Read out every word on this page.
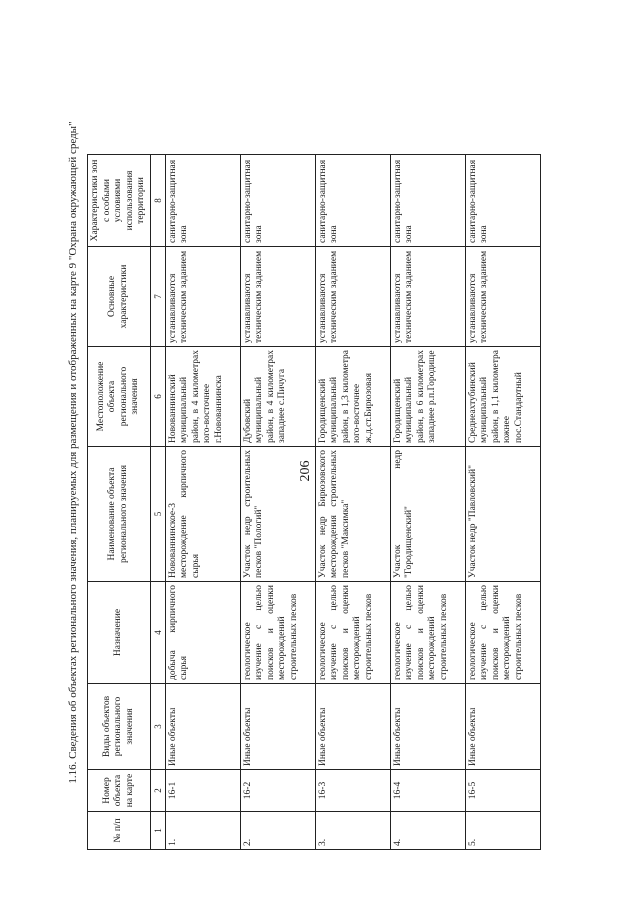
206
1.16. Сведения об объектах регионального значения, планируемых для размещения и отображенных на карте 9 "Охрана окружающей среды"
№ п/п	Номер объекта на карте	Виды объектов регионального значения	Назначение	Наименование объекта регионального значения	Местоположение объекта регионального значения	Основные характеристики	Характеристики зон с особыми условиями использования территории
1	2	3	4	5	6	7	8
1.	16-1	Иные объекты	добыча кирпичного сырья	Новованнинское-3 месторождение кирпичного сырья	Новованнинский муниципальный район, в 4 километрах юго-восточнее г.Новованнинска	устанавливаются техническим заданием	санитарно-защитная зона
2.	16-2	Иные объекты	геологическое изучение с целью поисков и оценки месторождений строительных песков	Участок недр строительных песков "Пологий"	Дубовский муниципальный район, в 4 километрах западнее с.Пичуга	устанавливаются техническим заданием	санитарно-защитная зона
3.	16-3	Иные объекты	геологическое изучение с целью поисков и оценки месторождений строительных песков	Участок недр Бирюзовского месторождения строительных песков "Максимка"	Городищенский муниципальный район, в 1,3 километра юго-восточнее ж.д.ст.Бирюзовая	устанавливаются техническим заданием	санитарно-защитная зона
4.	16-4	Иные объекты	геологическое изучение с целью поисков и оценки месторождений строительных песков	Участок недр "Городищенский"	Городищенский муниципальный район, в 6 километрах западнее р.п.Городище	устанавливаются техническим заданием	санитарно-защитная зона
5.	16-5	Иные объекты	геологическое изучение с целью поисков и оценки месторождений строительных песков	Участок недр "Павловский"	Среднеахтубинский муниципальный район, в 1,1 километра южнее пос.Стандартный	устанавливаются техническим заданием	санитарно-защитная зона
